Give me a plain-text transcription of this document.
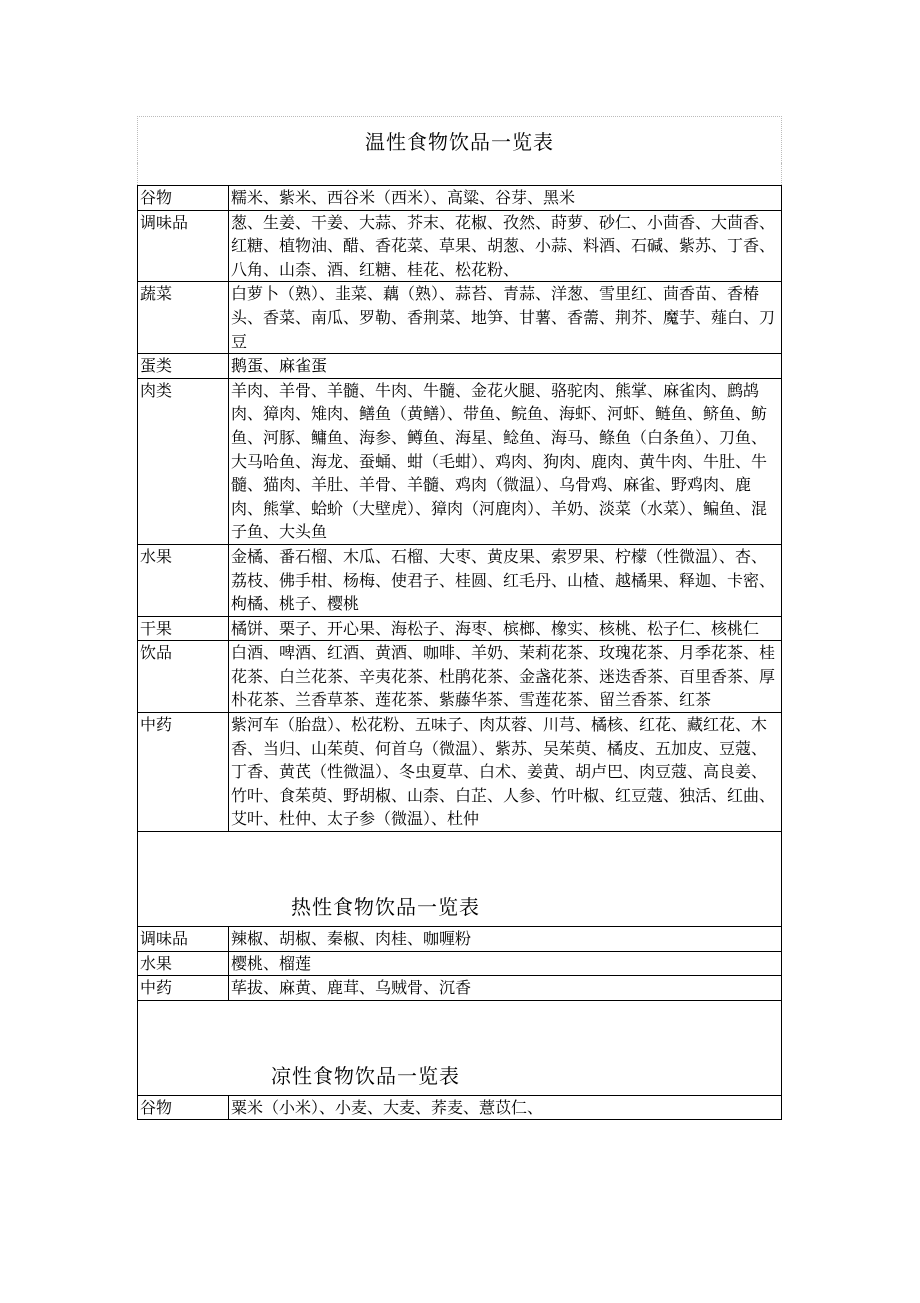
温性食物饮品一览表
谷物	糯米、紫米、西谷米（西米）、高粱、谷芽、黑米
调味品	葱、生姜、干姜、大蒜、芥末、花椒、孜然、莳萝、砂仁、小茴香、大茴香、红糖、植物油、醋、香花菜、草果、胡葱、小蒜、料酒、石碱、紫苏、丁香、八角、山柰、酒、红糖、桂花、松花粉、
蔬菜	白萝卜（熟）、韭菜、藕（熟）、蒜苔、青蒜、洋葱、雪里红、茴香苗、香椿头、香菜、南瓜、罗勒、香荆菜、地笋、甘薯、香薷、荆芥、魔芋、薤白、刀豆
蛋类	鹅蛋、麻雀蛋
肉类	羊肉、羊骨、羊髓、牛肉、牛髓、金花火腿、骆驼肉、熊掌、麻雀肉、鹧鸪肉、獐肉、雉肉、鳝鱼（黄鳝）、带鱼、鲩鱼、海虾、河虾、鲢鱼、鲚鱼、鲂鱼、河豚、鳙鱼、海参、鳟鱼、海星、鲶鱼、海马、鲦鱼（白条鱼）、刀鱼、大马哈鱼、海龙、蚕蛹、蚶（毛蚶）、鸡肉、狗肉、鹿肉、黄牛肉、牛肚、牛髓、猫肉、羊肚、羊骨、羊髓、鸡肉（微温）、乌骨鸡、麻雀、野鸡肉、鹿肉、熊掌、蛤蚧（大壁虎）、獐肉（河鹿肉）、羊奶、淡菜（水菜）、鳊鱼、混子鱼、大头鱼
水果	金橘、番石榴、木瓜、石榴、大枣、黄皮果、索罗果、柠檬（性微温）、杏、荔枝、佛手柑、杨梅、使君子、桂圆、红毛丹、山楂、越橘果、释迦、卡密、枸橘、桃子、樱桃
干果	橘饼、栗子、开心果、海松子、海枣、槟榔、橡实、核桃、松子仁、核桃仁
饮品	白酒、啤酒、红酒、黄酒、咖啡、羊奶、茉莉花茶、玫瑰花茶、月季花茶、桂花茶、白兰花茶、辛夷花茶、杜鹃花茶、金盏花茶、迷迭香茶、百里香茶、厚朴花茶、兰香草茶、莲花茶、紫藤华茶、雪莲花茶、留兰香茶、红茶
中药	紫河车（胎盘）、松花粉、五味子、肉苁蓉、川芎、橘核、红花、藏红花、木香、当归、山茱萸、何首乌（微温）、紫苏、吴茱萸、橘皮、五加皮、豆蔻、丁香、黄芪（性微温）、冬虫夏草、白术、姜黄、胡卢巴、肉豆蔻、高良姜、竹叶、食茱萸、野胡椒、山柰、白芷、人参、竹叶椒、红豆蔻、独活、红曲、艾叶、杜仲、太子参（微温）、杜仲
热性食物饮品一览表
调味品	辣椒、胡椒、秦椒、肉桂、咖喱粉
水果	樱桃、榴莲
中药	荜拔、麻黄、鹿茸、乌贼骨、沉香
凉性食物饮品一览表
谷物	粟米（小米）、小麦、大麦、荞麦、薏苡仁、
